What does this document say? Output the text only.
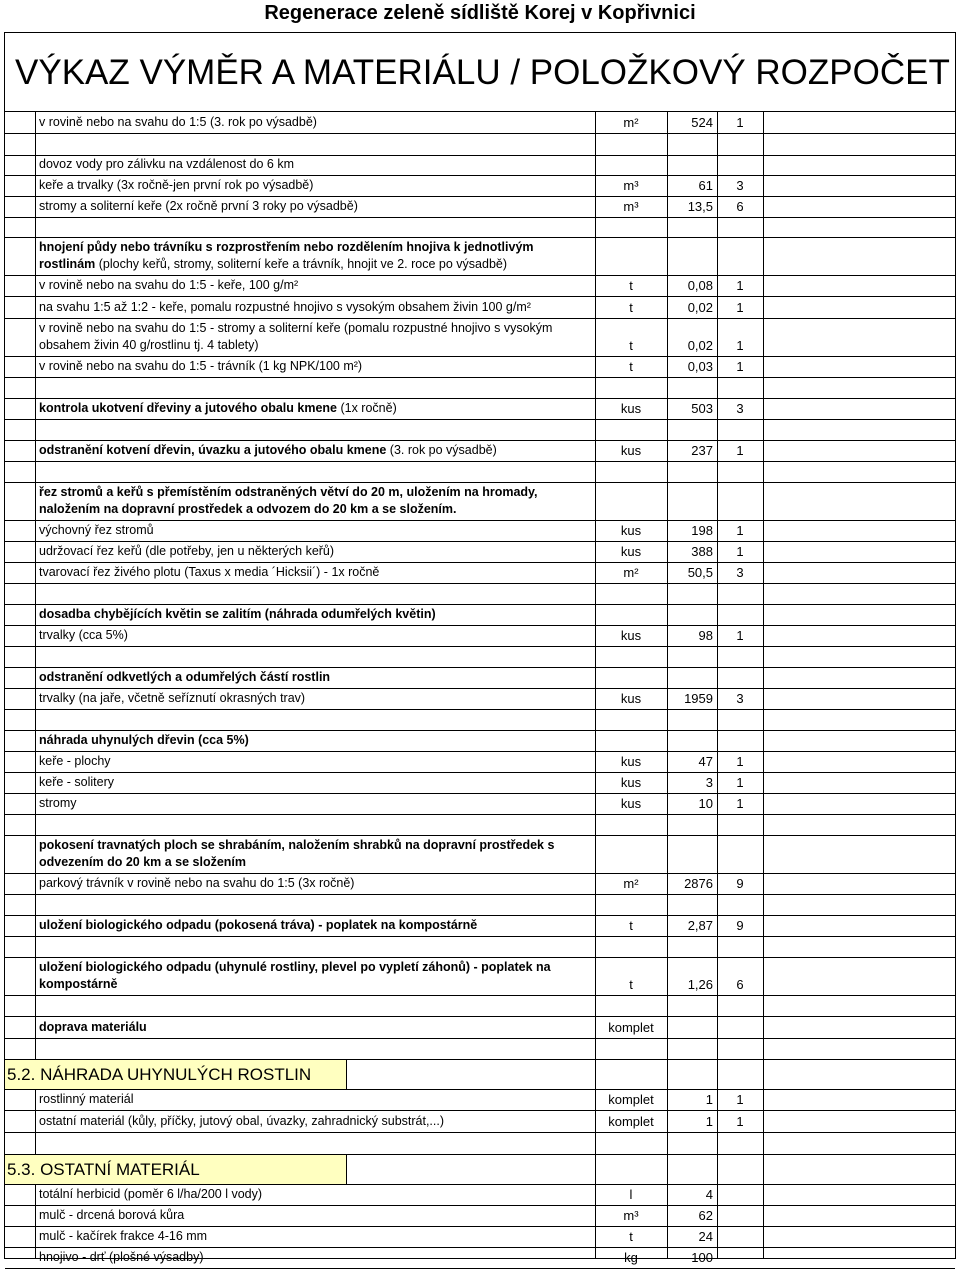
Regenerace zeleně sídliště Korej v Kopřivnici
VÝKAZ VÝMĚR A MATERIÁLU / POLOŽKOVÝ ROZPOČET
v rovině nebo na svahu do 1:5 (3. rok po výsadbě)	m²	524	1
dovoz vody pro zálivku na vzdálenost do 6 km
keře a trvalky (3x ročně-jen první rok po výsadbě)	m³	61	3
stromy a soliterní keře (2x ročně první 3 roky po výsadbě)	m³	13,5	6
hnojení půdy nebo trávníku s rozprostřením nebo rozdělením hnojiva k jednotlivým
rostlinám (plochy keřů, stromy, soliterní keře a trávník, hnojit ve 2. roce po výsadbě)
v rovině nebo na svahu do 1:5 - keře, 100 g/m²	t	0,08	1
na svahu 1:5 až 1:2 - keře, pomalu rozpustné hnojivo s vysokým obsahem živin 100 g/m²	t	0,02	1
v rovině nebo na svahu do 1:5 - stromy a soliterní keře (pomalu rozpustné hnojivo s vysokým
obsahem živin 40 g/rostlinu tj. 4 tablety)	t	0,02	1
v rovině nebo na svahu do 1:5 - trávník (1 kg NPK/100 m²)	t	0,03	1
kontrola ukotvení dřeviny a jutového obalu kmene (1x ročně)	kus	503	3
odstranění kotvení dřevin, úvazku a jutového obalu kmene (3. rok po výsadbě)	kus	237	1
řez stromů a keřů s přemístěním odstraněných větví do 20 m, uložením na hromady,
naložením na dopravní prostředek a odvozem do 20 km a se složením.
výchovný řez stromů	kus	198	1
udržovací řez keřů (dle potřeby, jen u některých keřů)	kus	388	1
tvarovací řez živého plotu (Taxus x media ´Hicksii´) - 1x ročně	m²	50,5	3
dosadba chybějících květin se zalitím (náhrada odumřelých květin)
trvalky (cca 5%)	kus	98	1
odstranění odkvetlých a odumřelých částí rostlin
trvalky (na jaře, včetně seříznutí okrasných trav)	kus	1959	3
náhrada uhynulých dřevin (cca 5%)
keře - plochy	kus	47	1
keře - solitery	kus	3	1
stromy	kus	10	1
pokosení travnatých ploch se shrabáním, naložením shrabků na dopravní prostředek s
odvezením do 20 km a se složením
parkový trávník v rovině nebo na svahu do 1:5 (3x ročně)	m²	2876	9
uložení biologického odpadu (pokosená tráva) - poplatek na kompostárně	t	2,87	9
uložení biologického odpadu (uhynulé rostliny, plevel po vypletí záhonů) - poplatek na
kompostárně	t	1,26	6
doprava materiálu	komplet
5.2. NÁHRADA UHYNULÝCH ROSTLIN
rostlinný materiál	komplet	1	1
ostatní materiál (kůly, příčky, jutový obal, úvazky, zahradnický substrát,...)	komplet	1	1
5.3. OSTATNÍ MATERIÁL
totální herbicid (poměr 6 l/ha/200 l vody)	l	4
mulč - drcená borová kůra	m³	62
mulč - kačírek frakce 4-16 mm	t	24
hnojivo - drť (plošné výsadby)	kg	100
